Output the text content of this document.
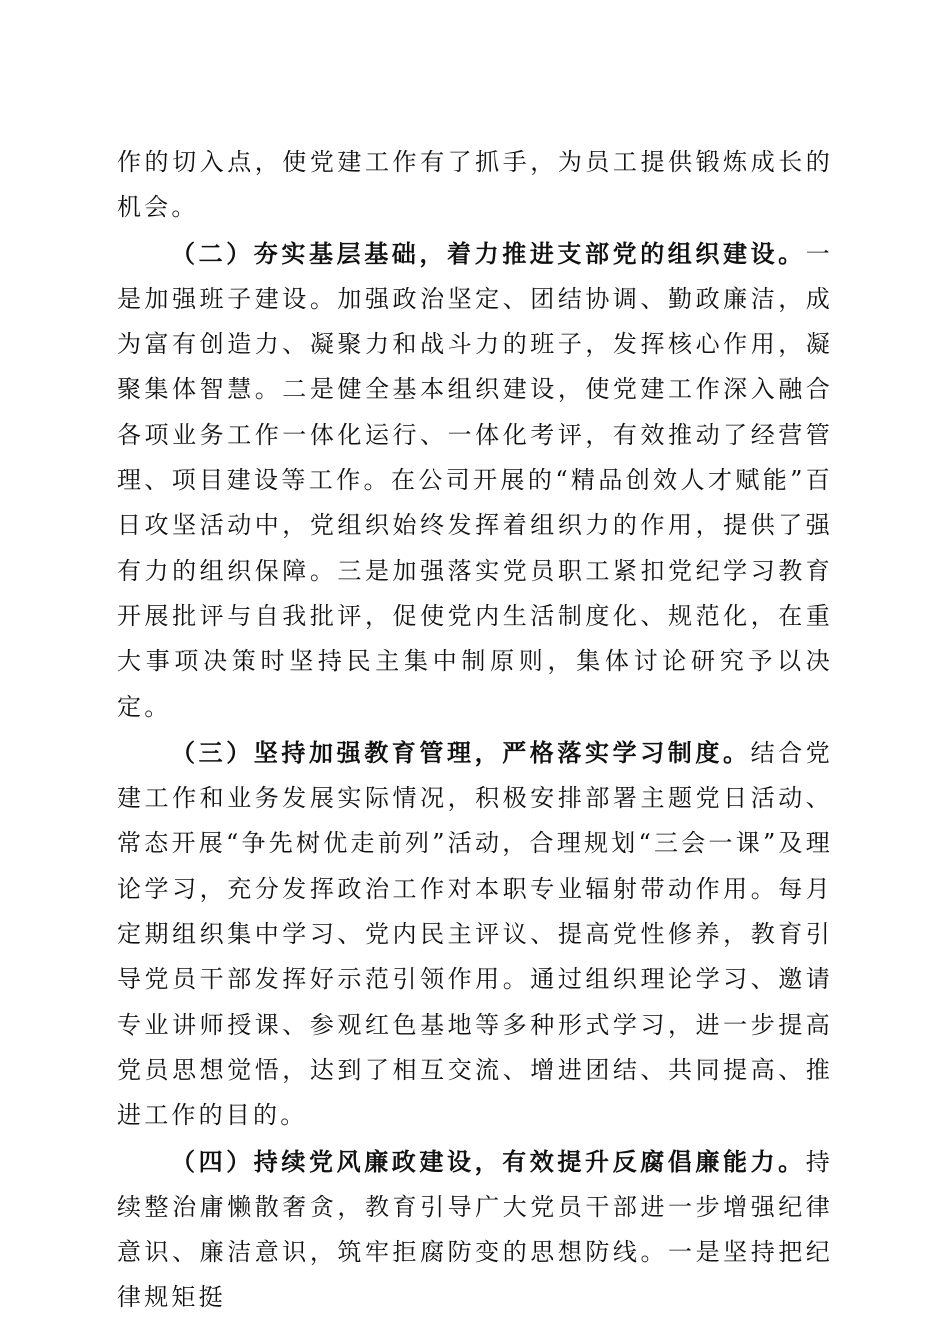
作的切入点，使党建工作有了抓手，为员工提供锻炼成长的机会。

（二）夯实基层基础，着力推进支部党的组织建设。一是加强班子建设。加强政治坚定、团结协调、勤政廉洁，成为富有创造力、凝聚力和战斗力的班子，发挥核心作用，凝聚集体智慧。二是健全基本组织建设，使党建工作深入融合各项业务工作一体化运行、一体化考评，有效推动了经营管理、项目建设等工作。在公司开展的“精品创效人才赋能”百日攻坚活动中，党组织始终发挥着组织力的作用，提供了强有力的组织保障。三是加强落实党员职工紧扣党纪学习教育开展批评与自我批评，促使党内生活制度化、规范化，在重大事项决策时坚持民主集中制原则，集体讨论研究予以决定。

（三）坚持加强教育管理，严格落实学习制度。结合党建工作和业务发展实际情况，积极安排部署主题党日活动、常态开展“争先树优走前列”活动，合理规划“三会一课”及理论学习，充分发挥政治工作对本职专业辐射带动作用。每月定期组织集中学习、党内民主评议、提高党性修养，教育引导党员干部发挥好示范引领作用。通过组织理论学习、邀请专业讲师授课、参观红色基地等多种形式学习，进一步提高党员思想觉悟，达到了相互交流、增进团结、共同提高、推进工作的目的。

（四）持续党风廉政建设，有效提升反腐倡廉能力。持续整治庸懒散奢贪，教育引导广大党员干部进一步增强纪律意识、廉洁意识，筑牢拒腐防变的思想防线。一是坚持把纪律规矩挺
